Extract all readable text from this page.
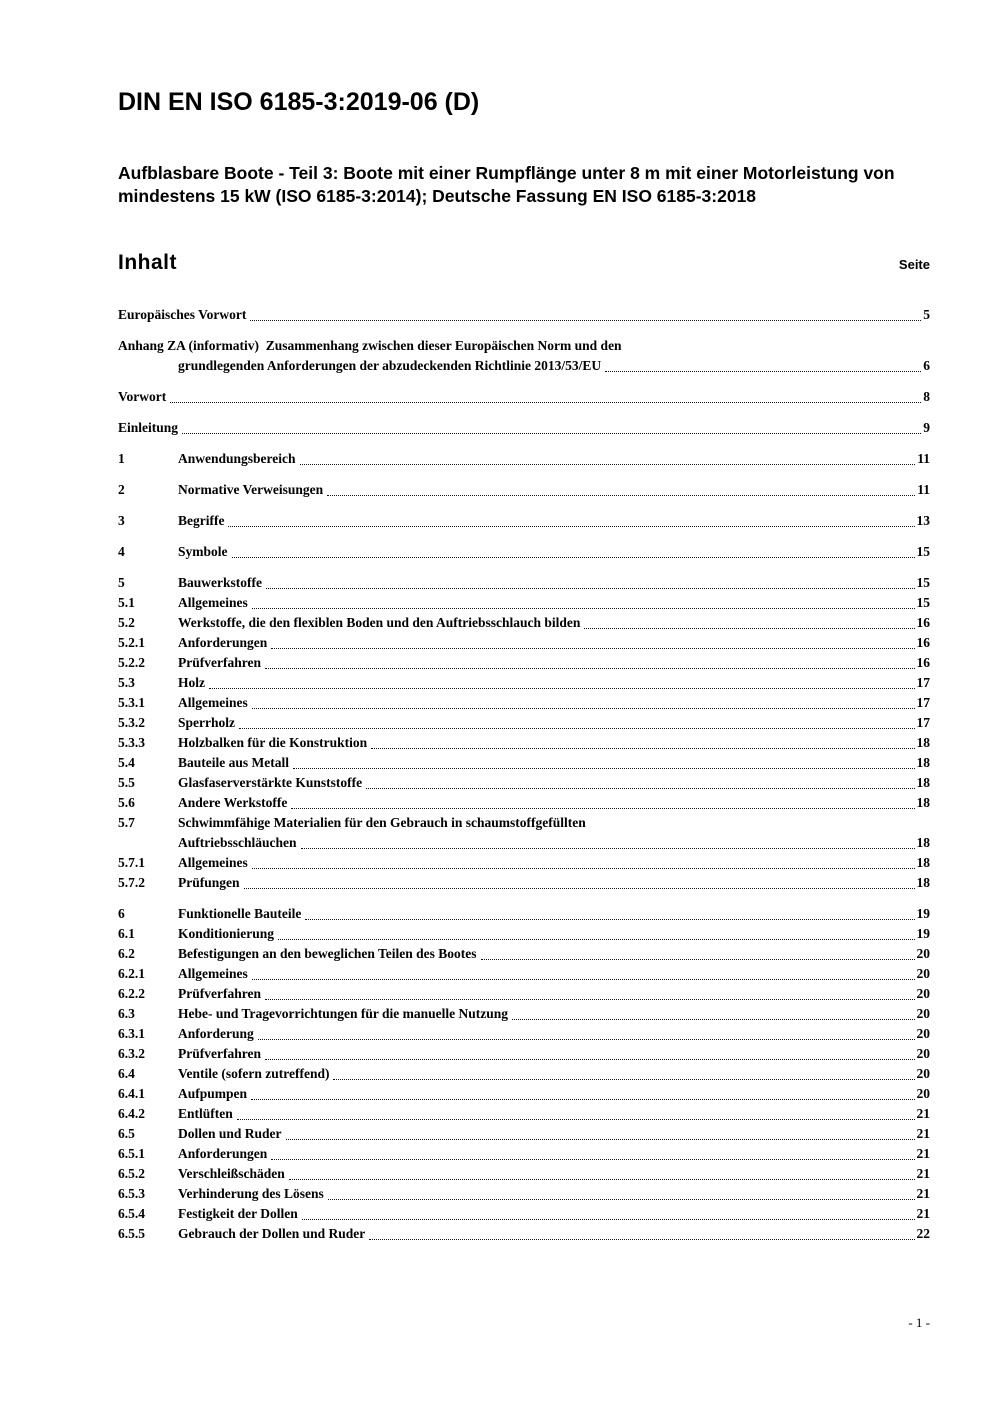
DIN EN ISO 6185-3:2019-06 (D)
Aufblasbare Boote - Teil 3: Boote mit einer Rumpflänge unter 8 m mit einer Motorleistung von mindestens 15 kW (ISO 6185-3:2014); Deutsche Fassung EN ISO 6185-3:2018
Inhalt	Seite
Europäisches Vorwort	5
Anhang ZA (informativ)  Zusammenhang zwischen dieser Europäischen Norm und den
grundlegenden Anforderungen der abzudeckenden Richtlinie 2013/53/EU	6
Vorwort	8
Einleitung	9
1	Anwendungsbereich	11
2	Normative Verweisungen	11
3	Begriffe	13
4	Symbole	15
5	Bauwerkstoffe	15
5.1	Allgemeines	15
5.2	Werkstoffe, die den flexiblen Boden und den Auftriebsschlauch bilden	16
5.2.1	Anforderungen	16
5.2.2	Prüfverfahren	16
5.3	Holz	17
5.3.1	Allgemeines	17
5.3.2	Sperrholz	17
5.3.3	Holzbalken für die Konstruktion	18
5.4	Bauteile aus Metall	18
5.5	Glasfaserverstärkte Kunststoffe	18
5.6	Andere Werkstoffe	18
5.7	Schwimmfähige Materialien für den Gebrauch in schaumstoffgefüllten
Auftriebsschläuchen	18
5.7.1	Allgemeines	18
5.7.2	Prüfungen	18
6	Funktionelle Bauteile	19
6.1	Konditionierung	19
6.2	Befestigungen an den beweglichen Teilen des Bootes	20
6.2.1	Allgemeines	20
6.2.2	Prüfverfahren	20
6.3	Hebe- und Tragevorrichtungen für die manuelle Nutzung	20
6.3.1	Anforderung	20
6.3.2	Prüfverfahren	20
6.4	Ventile (sofern zutreffend)	20
6.4.1	Aufpumpen	20
6.4.2	Entlüften	21
6.5	Dollen und Ruder	21
6.5.1	Anforderungen	21
6.5.2	Verschleißschäden	21
6.5.3	Verhinderung des Lösens	21
6.5.4	Festigkeit der Dollen	21
6.5.5	Gebrauch der Dollen und Ruder	22
- 1 -
